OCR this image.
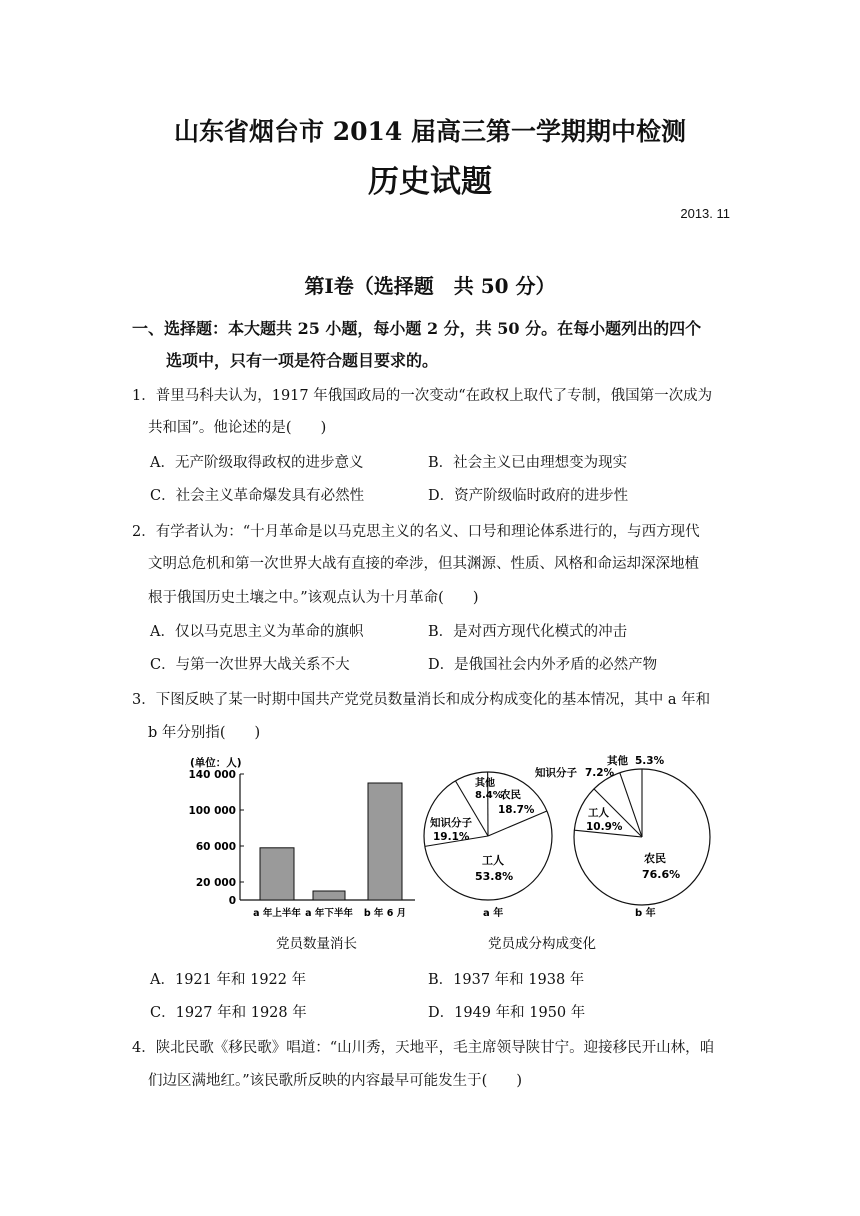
山东省烟台市 2014 届高三第一学期期中检测
历史试题
2013. 11
第Ⅰ卷（选择题　共 50 分）
一、选择题：本大题共 25 小题，每小题 2 分，共 50 分。在每小题列出的四个
选项中，只有一项是符合题目要求的。
1．普里马科夫认为，1917 年俄国政局的一次变动“在政权上取代了专制，俄国第一次成为
共和国”。他论述的是(　　)
A．无产阶级取得政权的进步意义	B．社会主义已由理想变为现实
C．社会主义革命爆发具有必然性	D．资产阶级临时政府的进步性
2．有学者认为：“十月革命是以马克思主义的名义、口号和理论体系进行的，与西方现代
文明总危机和第一次世界大战有直接的牵涉，但其渊源、性质、风格和命运却深深地植
根于俄国历史土壤之中。”该观点认为十月革命(　　)
A．仅以马克思主义为革命的旗帜	B．是对西方现代化模式的冲击
C．与第一次世界大战关系不大	D．是俄国社会内外矛盾的必然产物
3．下图反映了某一时期中国共产党党员数量消长和成分构成变化的基本情况，其中 a 年和
b 年分别指(　　)
(单位：人)
0
20 000
60 000
100 000
140 000
a 年上半年 a 年下半年 b 年 6 月
其他
8.4%
农民
18.7%
知识分子
19.1%
工人
53.8%
a 年
其他 5.3%
知识分子 7.2%
工人
10.9%
农民
76.6%
b 年
党员数量消长	党员成分构成变化
A．1921 年和 1922 年	B．1937 年和 1938 年
C．1927 年和 1928 年	D．1949 年和 1950 年
4．陕北民歌《移民歌》唱道：“山川秀，天地平，毛主席领导陕甘宁。迎接移民开山林，咱
们边区满地红。”该民歌所反映的内容最早可能发生于(　　)
